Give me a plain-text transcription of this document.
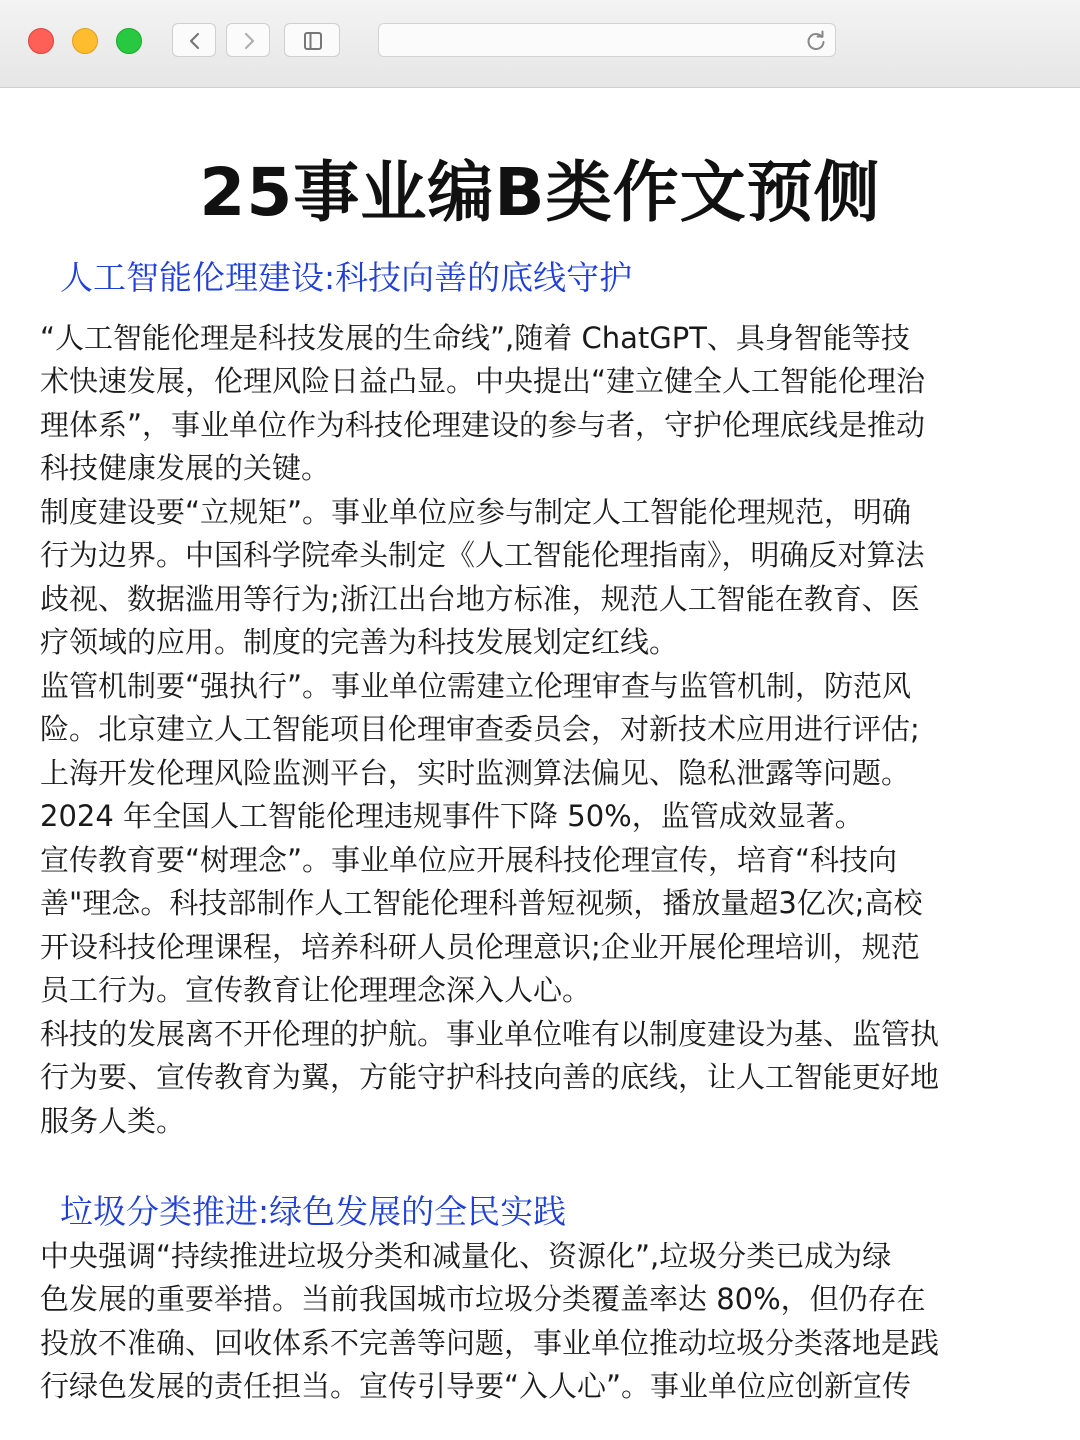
25事业编B类作文预侧
人工智能伦理建设:科技向善的底线守护

“人工智能伦理是科技发展的生命线”,随着 ChatGPT、具身智能等技
术快速发展，伦理风险日益凸显。中央提出“建立健全人工智能伦理治
理体系”，事业单位作为科技伦理建设的参与者，守护伦理底线是推动
科技健康发展的关键。

制度建设要“立规矩”。事业单位应参与制定人工智能伦理规范，明确
行为边界。中国科学院牵头制定《人工智能伦理指南》，明确反对算法
歧视、数据滥用等行为;浙江出台地方标准，规范人工智能在教育、医
疗领域的应用。制度的完善为科技发展划定红线。

监管机制要“强执行”。事业单位需建立伦理审查与监管机制，防范风
险。北京建立人工智能项目伦理审查委员会，对新技术应用进行评估;
上海开发伦理风险监测平台，实时监测算法偏见、隐私泄露等问题。
2024 年全国人工智能伦理违规事件下降 50%，监管成效显著。

宣传教育要“树理念”。事业单位应开展科技伦理宣传，培育“科技向
善"理念。科技部制作人工智能伦理科普短视频，播放量超3亿次;高校
开设科技伦理课程，培养科研人员伦理意识;企业开展伦理培训，规范
员工行为。宣传教育让伦理理念深入人心。

科技的发展离不开伦理的护航。事业单位唯有以制度建设为基、监管执
行为要、宣传教育为翼，方能守护科技向善的底线，让人工智能更好地
服务人类。

垃圾分类推进:绿色发展的全民实践

中央强调“持续推进垃圾分类和减量化、资源化”,垃圾分类已成为绿
色发展的重要举措。当前我国城市垃圾分类覆盖率达 80%，但仍存在
投放不准确、回收体系不完善等问题，事业单位推动垃圾分类落地是践
行绿色发展的责任担当。宣传引导要“入人心”。事业单位应创新宣传
